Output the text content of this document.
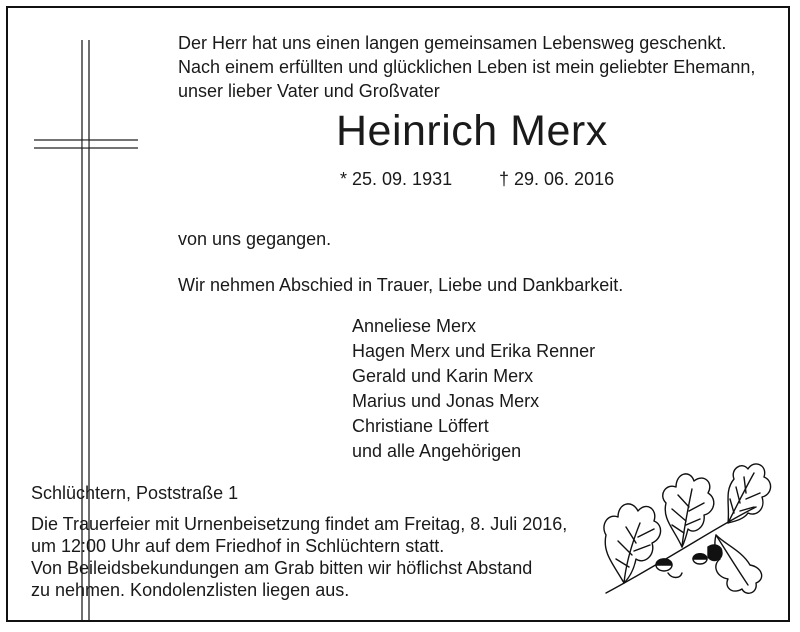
Der Herr hat uns einen langen gemeinsamen Lebensweg geschenkt.
Nach einem erfüllten und glücklichen Leben ist mein geliebter Ehemann,
unser lieber Vater und Großvater
Heinrich Merx
* 25. 09. 1931	† 29. 06. 2016
von uns gegangen.
Wir nehmen Abschied in Trauer, Liebe und Dankbarkeit.
Anneliese Merx
Hagen Merx und Erika Renner
Gerald und Karin Merx
Marius und Jonas Merx
Christiane Löffert
und alle Angehörigen
Schlüchtern, Poststraße 1
Die Trauerfeier mit Urnenbeisetzung findet am Freitag, 8. Juli 2016,
um 12:00 Uhr auf dem Friedhof in Schlüchtern statt.
Von Beileidsbekundungen am Grab bitten wir höflichst Abstand
zu nehmen. Kondolenzlisten liegen aus.
